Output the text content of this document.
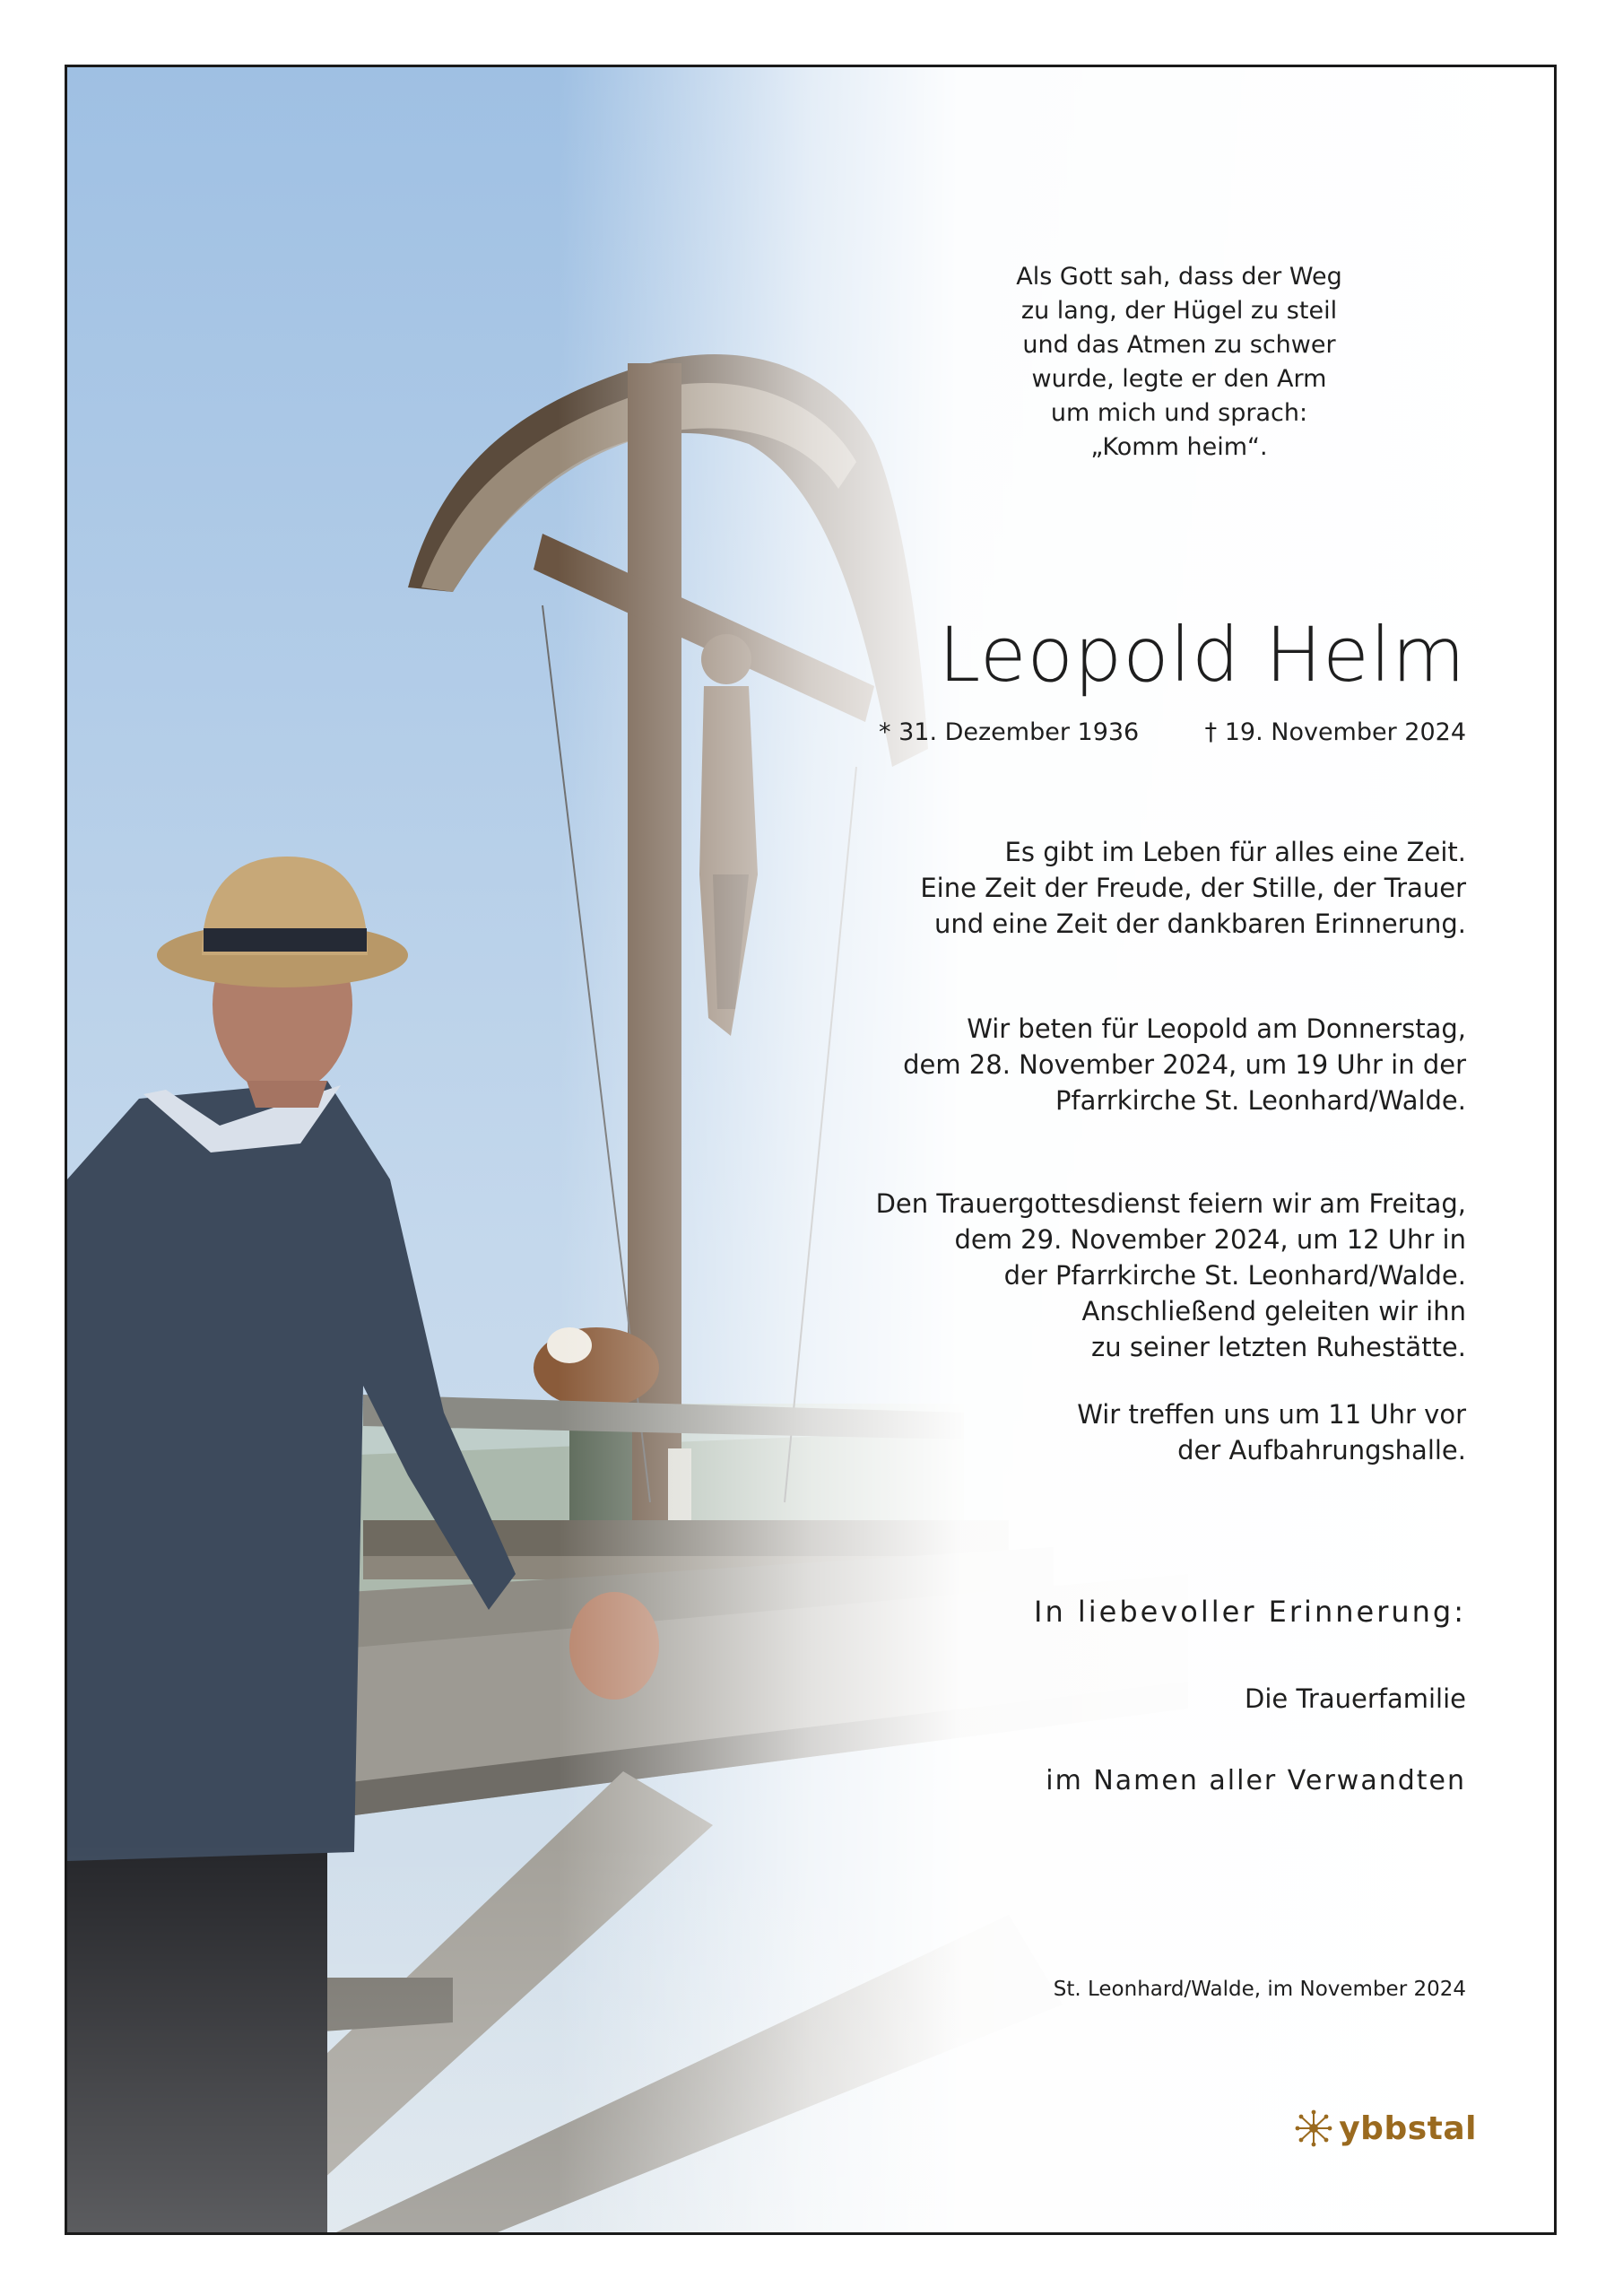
Als Gott sah, dass der Weg
zu lang, der Hügel zu steil
und das Atmen zu schwer
wurde, legte er den Arm
um mich und sprach:
„Komm heim“.
Leopold Helm
* 31. Dezember 1936	† 19. November 2024
Es gibt im Leben für alles eine Zeit.
Eine Zeit der Freude, der Stille, der Trauer
und eine Zeit der dankbaren Erinnerung.
Wir beten für Leopold am Donnerstag,
dem 28. November 2024, um 19 Uhr in der
Pfarrkirche St. Leonhard/Walde.
Den Trauergottesdienst feiern wir am Freitag,
dem 29. November 2024, um 12 Uhr in
der Pfarrkirche St. Leonhard/Walde.
Anschließend geleiten wir ihn
zu seiner letzten Ruhestätte.
Wir treffen uns um 11 Uhr vor
der Aufbahrungshalle.
In liebevoller Erinnerung:
Die Trauerfamilie
im Namen aller Verwandten
St. Leonhard/Walde, im November 2024
ybbstal
